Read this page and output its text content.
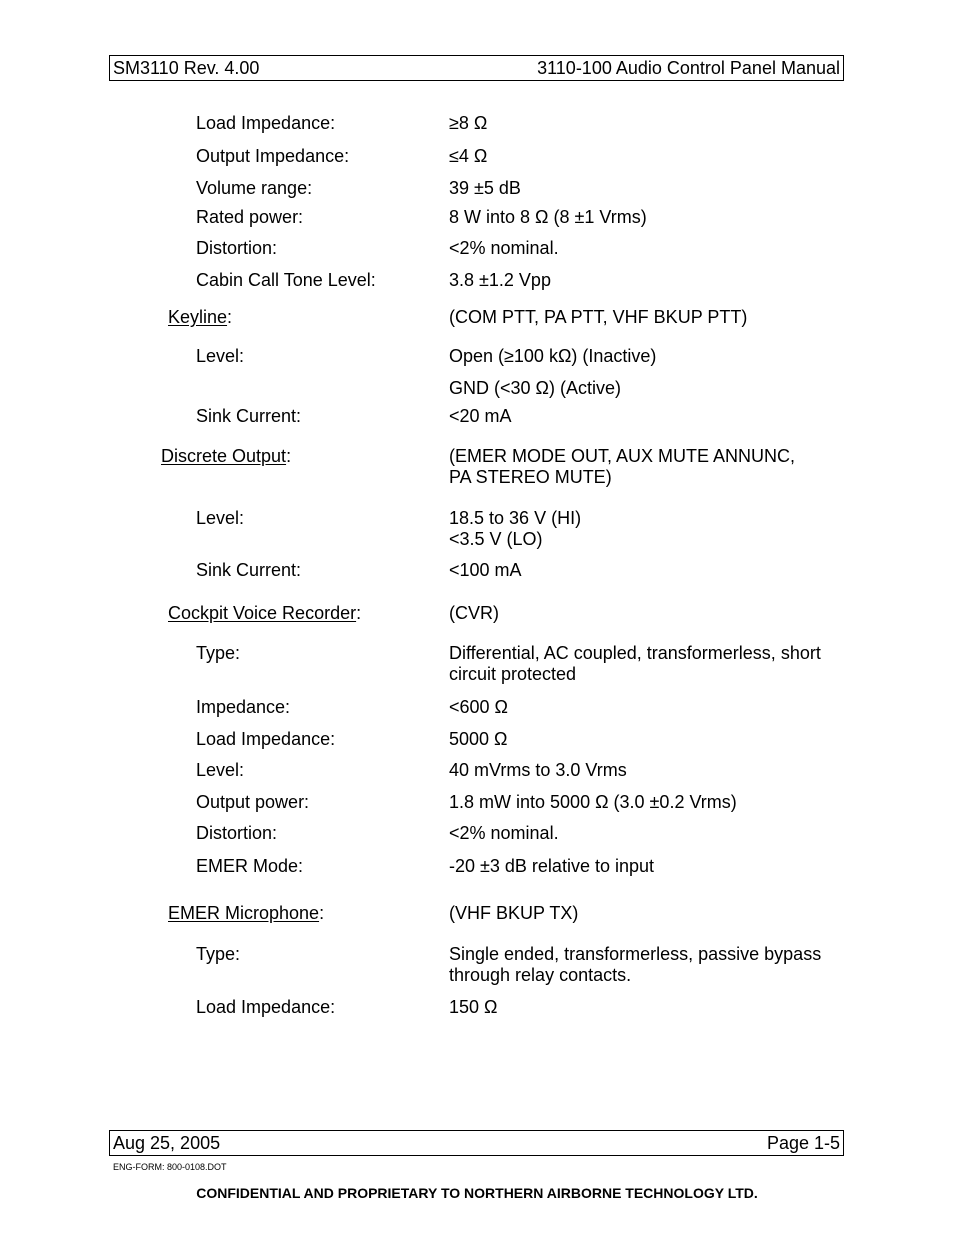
SM3110 Rev. 4.00	3110-100 Audio Control Panel Manual
Load Impedance:	≥8 Ω
Output Impedance:	≤4 Ω
Volume range:	39 ±5 dB
Rated power:	8 W into 8 Ω (8 ±1 Vrms)
Distortion:	<2% nominal.
Cabin Call Tone Level:	3.8 ±1.2 Vpp
Keyline:	(COM PTT, PA PTT, VHF BKUP PTT)
Level:	Open (≥100 kΩ) (Inactive)
GND (<30 Ω) (Active)
Sink Current:	<20 mA
Discrete Output:	(EMER MODE OUT, AUX MUTE ANNUNC,
PA STEREO MUTE)
Level:	18.5 to 36 V (HI)
<3.5 V (LO)
Sink Current:	<100 mA
Cockpit Voice Recorder:	(CVR)
Type:	Differential, AC coupled, transformerless, short
circuit protected
Impedance:	<600 Ω
Load Impedance:	5000 Ω
Level:	40 mVrms to 3.0 Vrms
Output power:	1.8 mW into 5000 Ω (3.0 ±0.2 Vrms)
Distortion:	<2% nominal.
EMER Mode:	-20 ±3 dB relative to input
EMER Microphone:	(VHF BKUP TX)
Type:	Single ended, transformerless, passive bypass
through relay contacts.
Load Impedance:	150 Ω
Aug 25, 2005	Page 1-5
ENG-FORM: 800-0108.DOT
CONFIDENTIAL AND PROPRIETARY TO NORTHERN AIRBORNE TECHNOLOGY LTD.
